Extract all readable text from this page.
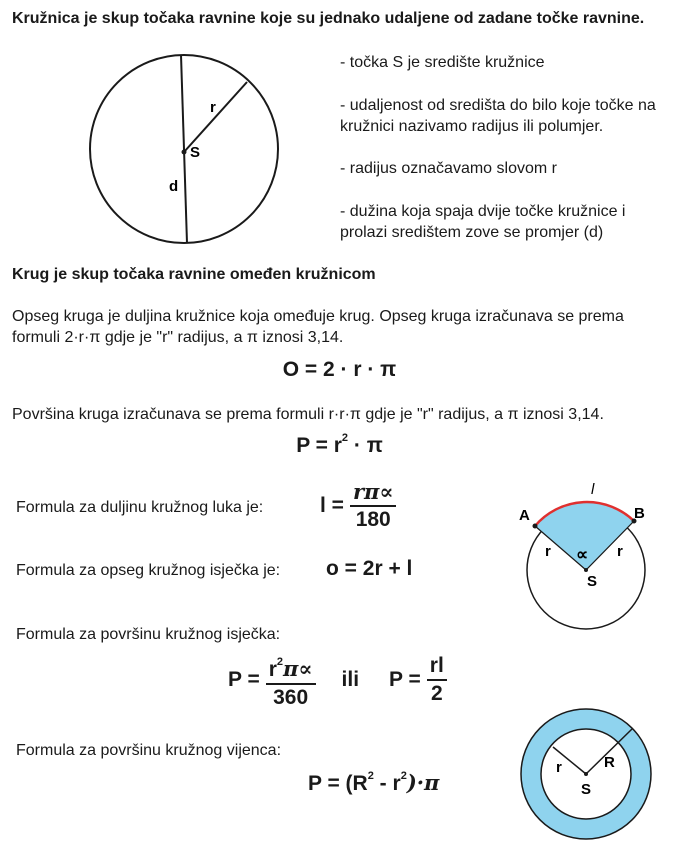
Kružnica je skup točaka ravnine koje su jednako udaljene od zadane točke ravnine.
r
S
d
- točka S je središte kružnice
- udaljenost od središta do bilo koje točke na kružnici nazivamo radijus ili polumjer.
- radijus označavamo slovom r
- dužina koja spaja dvije točke kružnice i prolazi središtem zove se promjer (d)
Krug je skup točaka ravnine omeđen kružnicom
Opseg kruga je duljina kružnice koja omeđuje krug. Opseg kruga izračunava se prema formuli 2·r·π gdje je "r" radijus, a π iznosi 3,14.
O = 2 · r · π
Površina kruga izračunava se prema formuli r·r·π gdje je "r" radijus, a π iznosi 3,14.
$P = r^2 \cdot \pi$
Formula za duljinu kružnog luka je:	$l = \frac{r\pi\propto}{180}$
Formula za opseg kružnog isječka je: o = 2r + l
Formula za površinu kružnog isječka:
$P = \frac{r^2\pi\propto}{360}$ ili $P = \frac{rl}{2}$
Formula za površinu kružnog vijenca:
$P = (R^2 - r^2)\cdot\pi$
l
A	B
r	r
∝
S
r	R
S
